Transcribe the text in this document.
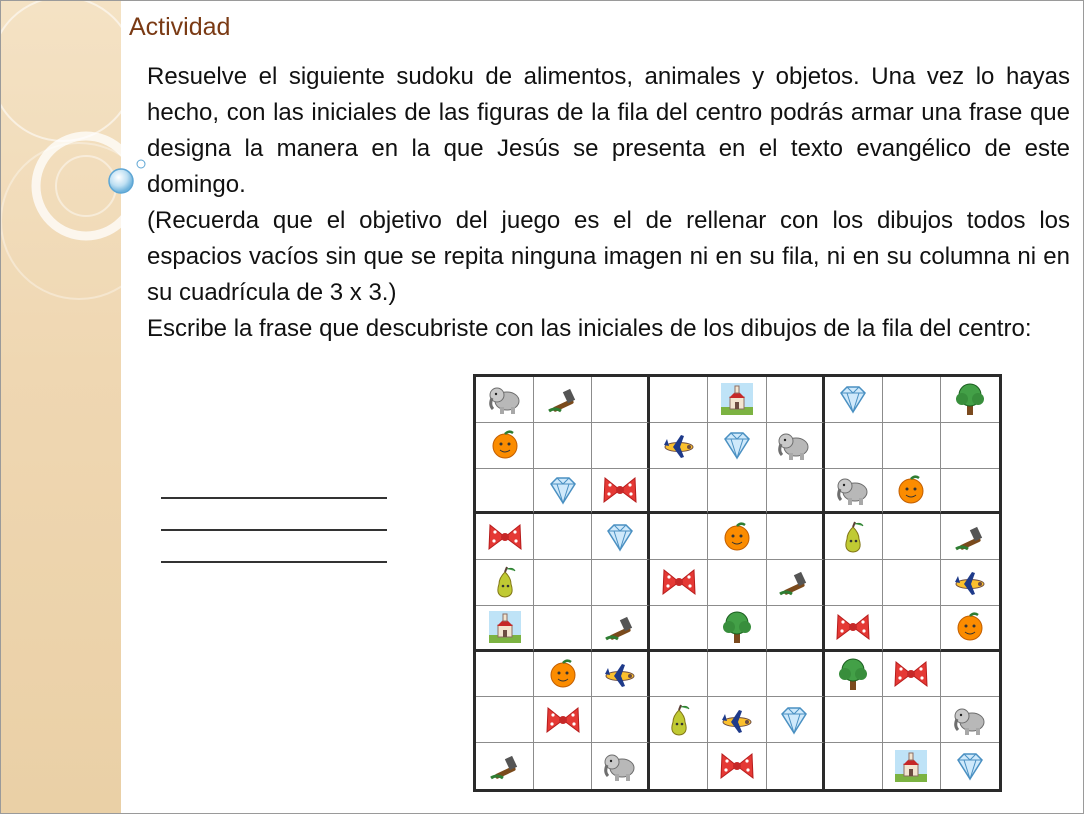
Actividad

Resuelve el siguiente sudoku de alimentos, animales y objetos. Una vez lo hayas hecho, con las iniciales de las figuras de la fila del centro podrás armar una frase que designa la manera en la que Jesús se presenta en el texto evangélico de este domingo.

(Recuerda que el objetivo del juego es el de rellenar con los dibujos todos los espacios vacíos sin que se repita ninguna imagen ni en su fila, ni en su columna ni en su cuadrícula de 3 x 3.)

Escribe la frase que descubriste con las iniciales de los dibujos de la fila del centro:
